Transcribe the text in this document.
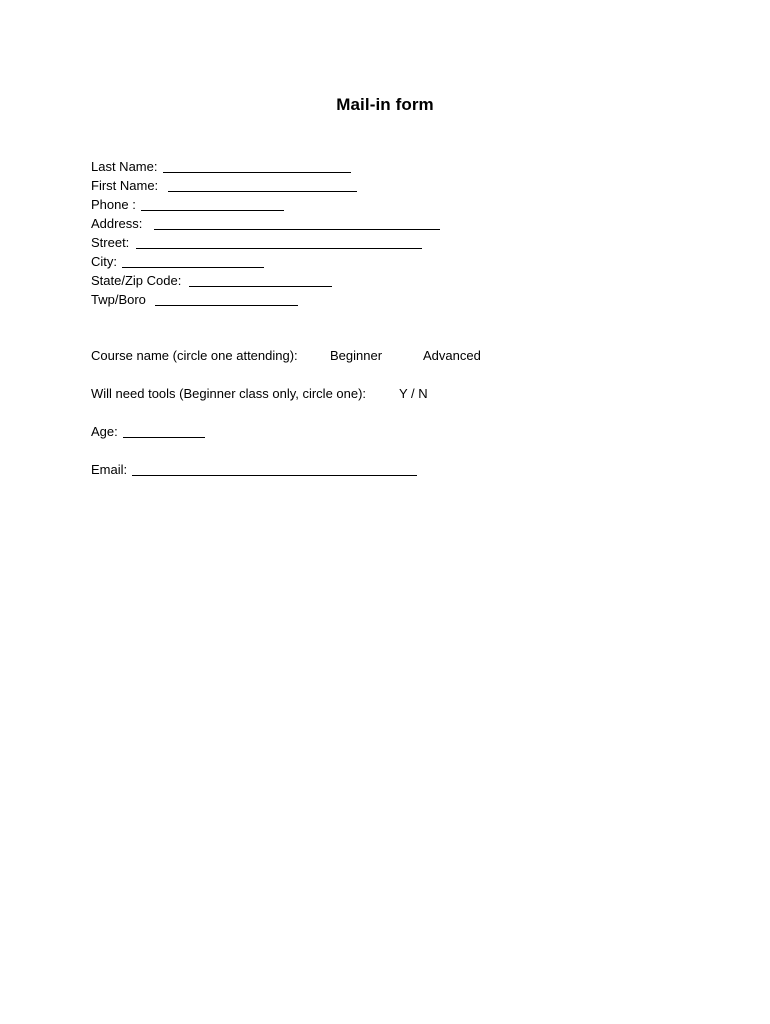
Mail-in form
Last Name:
First Name:
Phone :
Address:
Street:
City:
State/Zip Code:
Twp/Boro
Course name (circle one attending): Beginner	Advanced
Will need tools (Beginner class only, circle one):	Y / N
Age:
Email:
